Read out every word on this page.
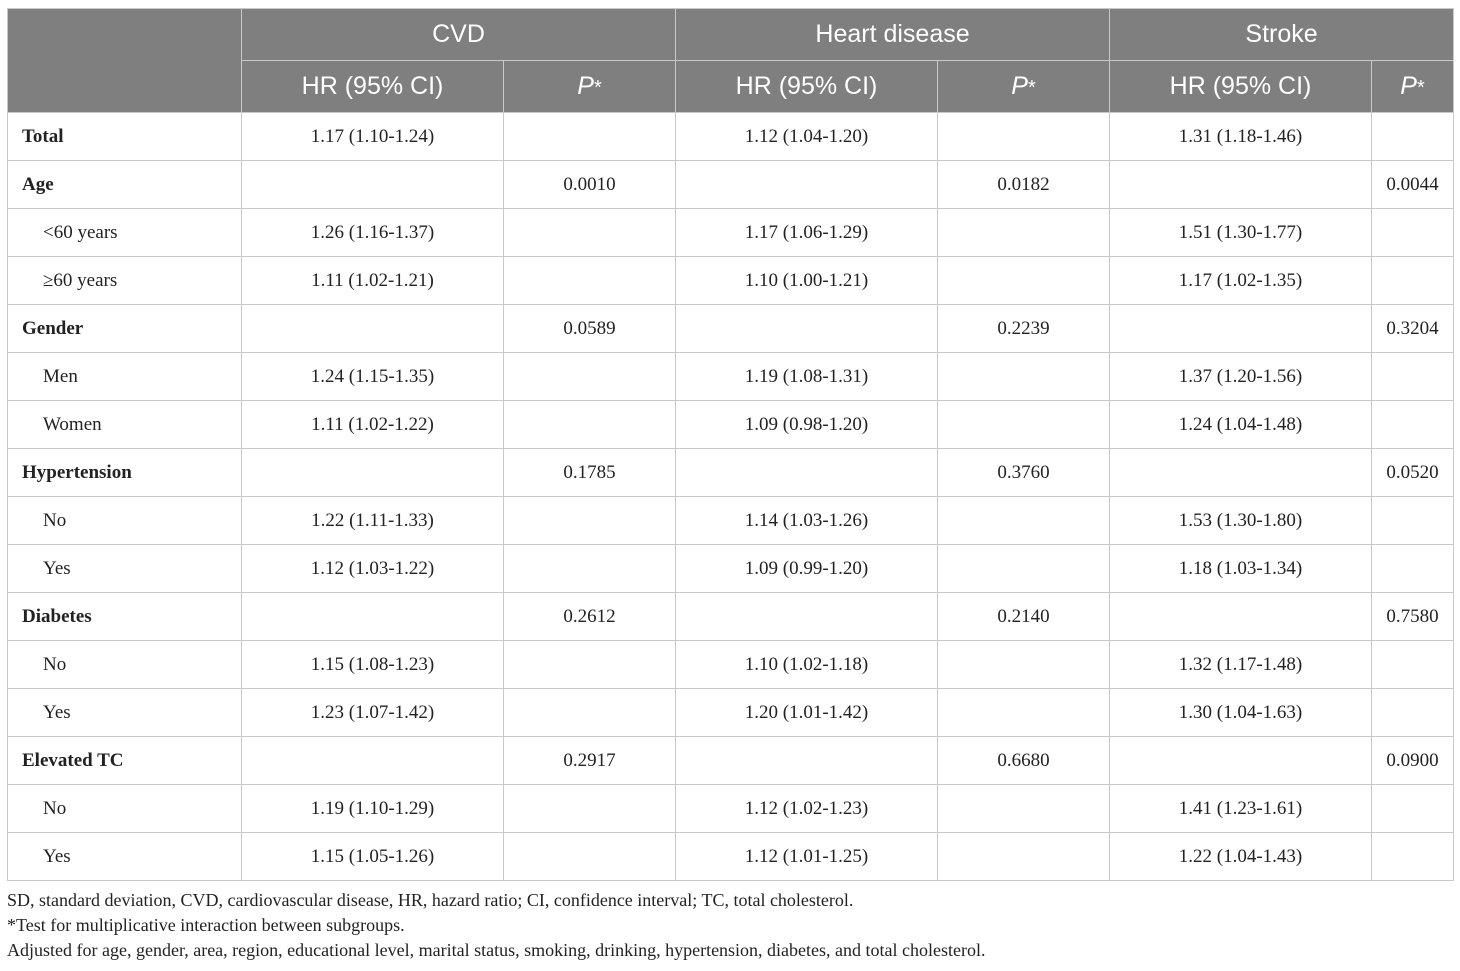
	CVD		Heart disease		Stroke	
	HR (95% CI)	P*	HR (95% CI)	P*	HR (95% CI)	P*
Total	1.17 (1.10-1.24)		1.12 (1.04-1.20)		1.31 (1.18-1.46)	
Age		0.0010		0.0182		0.0044
<60 years	1.26 (1.16-1.37)		1.17 (1.06-1.29)		1.51 (1.30-1.77)	
≥60 years	1.11 (1.02-1.21)		1.10 (1.00-1.21)		1.17 (1.02-1.35)	
Gender		0.0589		0.2239		0.3204
Men	1.24 (1.15-1.35)		1.19 (1.08-1.31)		1.37 (1.20-1.56)	
Women	1.11 (1.02-1.22)		1.09 (0.98-1.20)		1.24 (1.04-1.48)	
Hypertension		0.1785		0.3760		0.0520
No	1.22 (1.11-1.33)		1.14 (1.03-1.26)		1.53 (1.30-1.80)	
Yes	1.12 (1.03-1.22)		1.09 (0.99-1.20)		1.18 (1.03-1.34)	
Diabetes		0.2612		0.2140		0.7580
No	1.15 (1.08-1.23)		1.10 (1.02-1.18)		1.32 (1.17-1.48)	
Yes	1.23 (1.07-1.42)		1.20 (1.01-1.42)		1.30 (1.04-1.63)	
Elevated TC		0.2917		0.6680		0.0900
No	1.19 (1.10-1.29)		1.12 (1.02-1.23)		1.41 (1.23-1.61)	
Yes	1.15 (1.05-1.26)		1.12 (1.01-1.25)		1.22 (1.04-1.43)	
SD, standard deviation, CVD, cardiovascular disease, HR, hazard ratio; CI, confidence interval; TC, total cholesterol.
*Test for multiplicative interaction between subgroups.
Adjusted for age, gender, area, region, educational level, marital status, smoking, drinking, hypertension, diabetes, and total cholesterol.
